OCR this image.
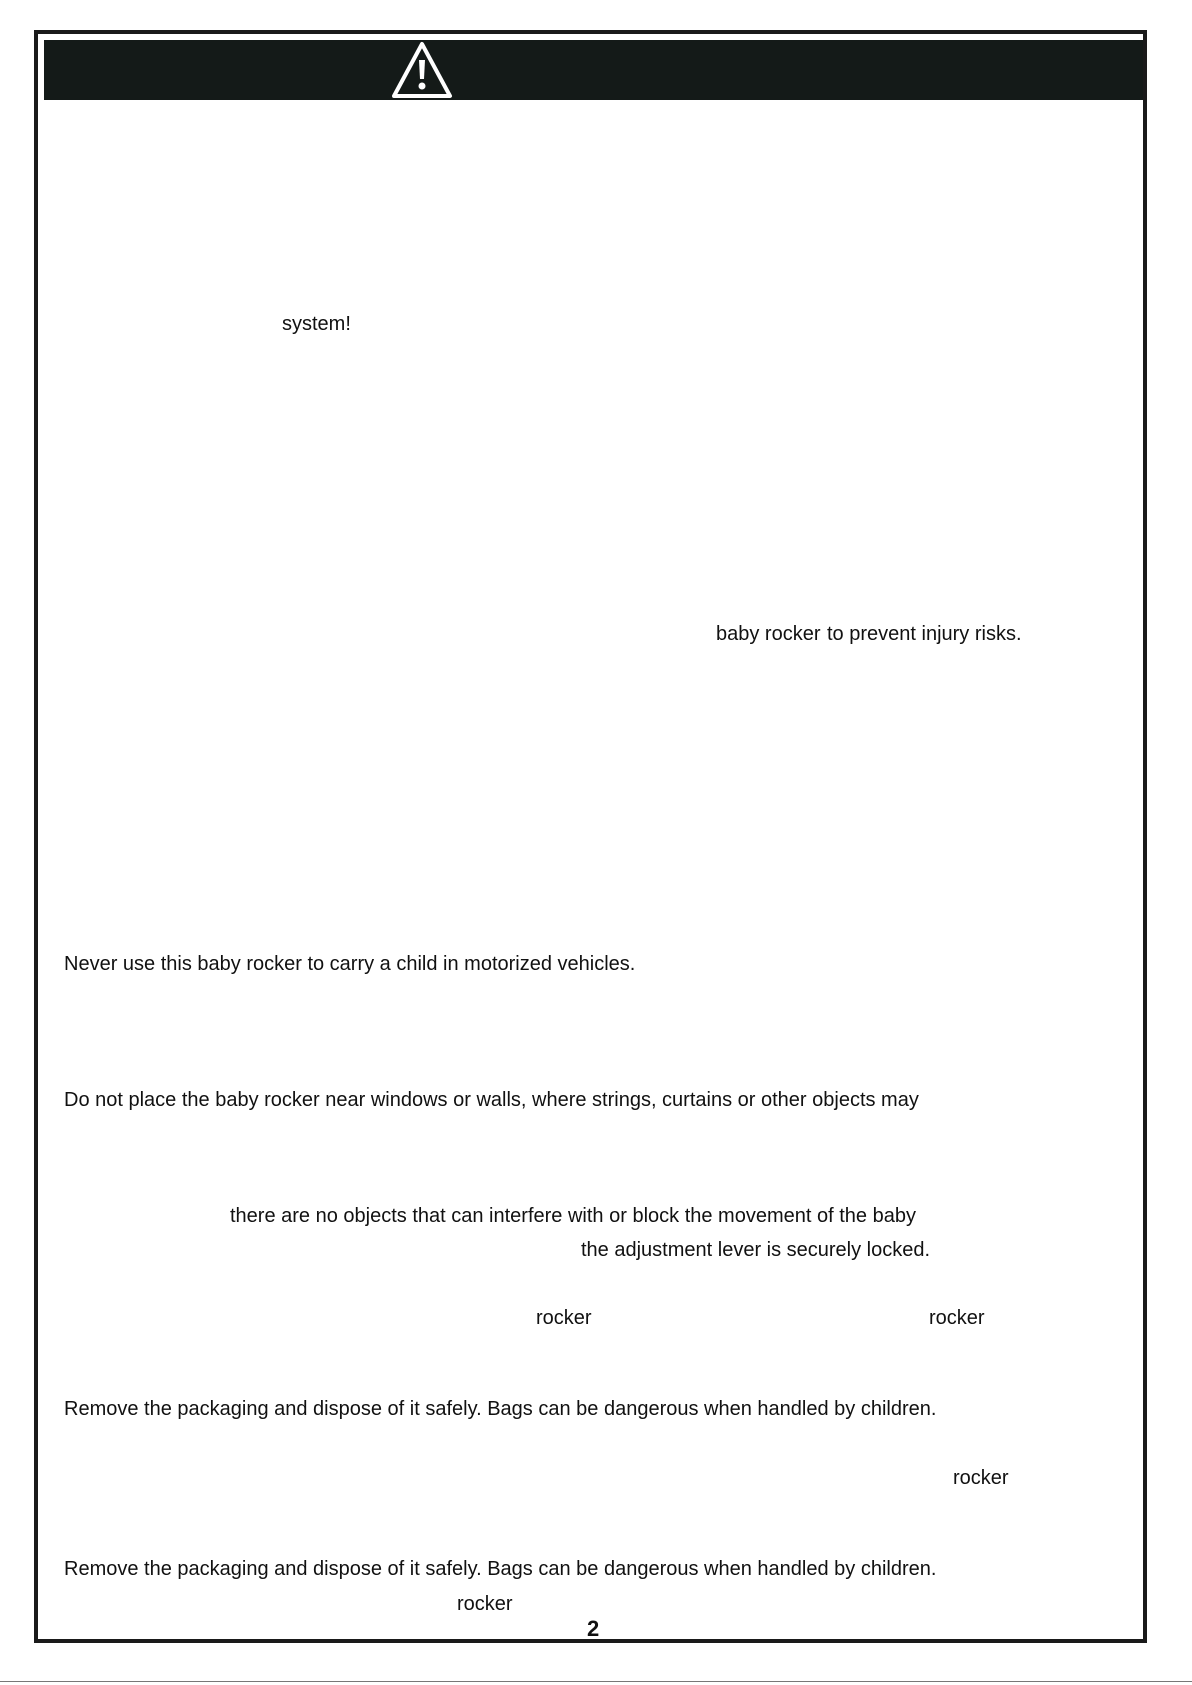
system!

baby rocker to prevent injury risks.

Never use this baby rocker to carry a child in motorized vehicles.

Do not place the baby rocker near windows or walls, where strings, curtains or other objects may

there are no objects that can interfere with or block the movement of the baby

the adjustment lever is securely locked.

rocker	rocker

Remove the packaging and dispose of it safely. Bags can be dangerous when handled by children.

rocker

Remove the packaging and dispose of it safely. Bags can be dangerous when handled by children.

rocker

2
